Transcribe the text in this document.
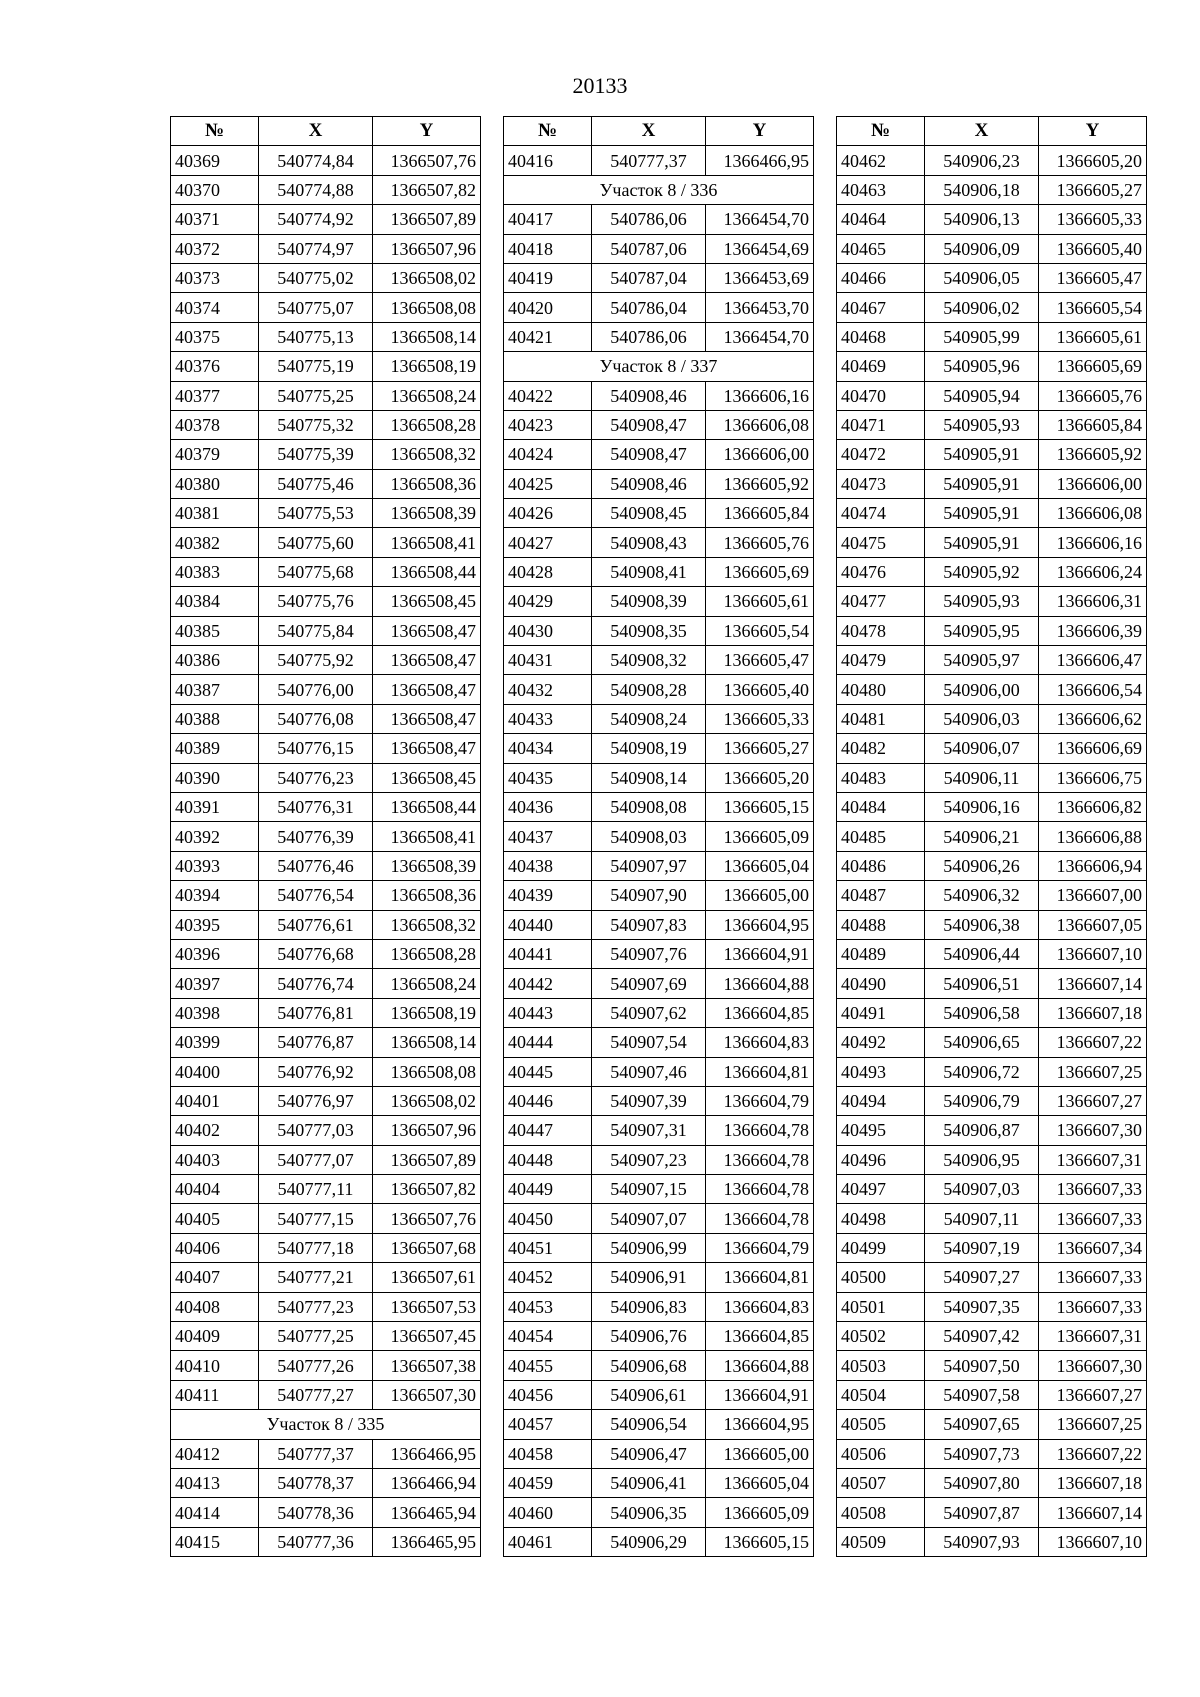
20133
№	X	Y
40369	540774,84	1366507,76
40370	540774,88	1366507,82
40371	540774,92	1366507,89
40372	540774,97	1366507,96
40373	540775,02	1366508,02
40374	540775,07	1366508,08
40375	540775,13	1366508,14
40376	540775,19	1366508,19
40377	540775,25	1366508,24
40378	540775,32	1366508,28
40379	540775,39	1366508,32
40380	540775,46	1366508,36
40381	540775,53	1366508,39
40382	540775,60	1366508,41
40383	540775,68	1366508,44
40384	540775,76	1366508,45
40385	540775,84	1366508,47
40386	540775,92	1366508,47
40387	540776,00	1366508,47
40388	540776,08	1366508,47
40389	540776,15	1366508,47
40390	540776,23	1366508,45
40391	540776,31	1366508,44
40392	540776,39	1366508,41
40393	540776,46	1366508,39
40394	540776,54	1366508,36
40395	540776,61	1366508,32
40396	540776,68	1366508,28
40397	540776,74	1366508,24
40398	540776,81	1366508,19
40399	540776,87	1366508,14
40400	540776,92	1366508,08
40401	540776,97	1366508,02
40402	540777,03	1366507,96
40403	540777,07	1366507,89
40404	540777,11	1366507,82
40405	540777,15	1366507,76
40406	540777,18	1366507,68
40407	540777,21	1366507,61
40408	540777,23	1366507,53
40409	540777,25	1366507,45
40410	540777,26	1366507,38
40411	540777,27	1366507,30
Участок 8 / 335		
40412	540777,37	1366466,95
40413	540778,37	1366466,94
40414	540778,36	1366465,94
40415	540777,36	1366465,95
№	X	Y
40416	540777,37	1366466,95
Участок 8 / 336		
40417	540786,06	1366454,70
40418	540787,06	1366454,69
40419	540787,04	1366453,69
40420	540786,04	1366453,70
40421	540786,06	1366454,70
Участок 8 / 337		
40422	540908,46	1366606,16
40423	540908,47	1366606,08
40424	540908,47	1366606,00
40425	540908,46	1366605,92
40426	540908,45	1366605,84
40427	540908,43	1366605,76
40428	540908,41	1366605,69
40429	540908,39	1366605,61
40430	540908,35	1366605,54
40431	540908,32	1366605,47
40432	540908,28	1366605,40
40433	540908,24	1366605,33
40434	540908,19	1366605,27
40435	540908,14	1366605,20
40436	540908,08	1366605,15
40437	540908,03	1366605,09
40438	540907,97	1366605,04
40439	540907,90	1366605,00
40440	540907,83	1366604,95
40441	540907,76	1366604,91
40442	540907,69	1366604,88
40443	540907,62	1366604,85
40444	540907,54	1366604,83
40445	540907,46	1366604,81
40446	540907,39	1366604,79
40447	540907,31	1366604,78
40448	540907,23	1366604,78
40449	540907,15	1366604,78
40450	540907,07	1366604,78
40451	540906,99	1366604,79
40452	540906,91	1366604,81
40453	540906,83	1366604,83
40454	540906,76	1366604,85
40455	540906,68	1366604,88
40456	540906,61	1366604,91
40457	540906,54	1366604,95
40458	540906,47	1366605,00
40459	540906,41	1366605,04
40460	540906,35	1366605,09
40461	540906,29	1366605,15
№	X	Y
40462	540906,23	1366605,20
40463	540906,18	1366605,27
40464	540906,13	1366605,33
40465	540906,09	1366605,40
40466	540906,05	1366605,47
40467	540906,02	1366605,54
40468	540905,99	1366605,61
40469	540905,96	1366605,69
40470	540905,94	1366605,76
40471	540905,93	1366605,84
40472	540905,91	1366605,92
40473	540905,91	1366606,00
40474	540905,91	1366606,08
40475	540905,91	1366606,16
40476	540905,92	1366606,24
40477	540905,93	1366606,31
40478	540905,95	1366606,39
40479	540905,97	1366606,47
40480	540906,00	1366606,54
40481	540906,03	1366606,62
40482	540906,07	1366606,69
40483	540906,11	1366606,75
40484	540906,16	1366606,82
40485	540906,21	1366606,88
40486	540906,26	1366606,94
40487	540906,32	1366607,00
40488	540906,38	1366607,05
40489	540906,44	1366607,10
40490	540906,51	1366607,14
40491	540906,58	1366607,18
40492	540906,65	1366607,22
40493	540906,72	1366607,25
40494	540906,79	1366607,27
40495	540906,87	1366607,30
40496	540906,95	1366607,31
40497	540907,03	1366607,33
40498	540907,11	1366607,33
40499	540907,19	1366607,34
40500	540907,27	1366607,33
40501	540907,35	1366607,33
40502	540907,42	1366607,31
40503	540907,50	1366607,30
40504	540907,58	1366607,27
40505	540907,65	1366607,25
40506	540907,73	1366607,22
40507	540907,80	1366607,18
40508	540907,87	1366607,14
40509	540907,93	1366607,10
